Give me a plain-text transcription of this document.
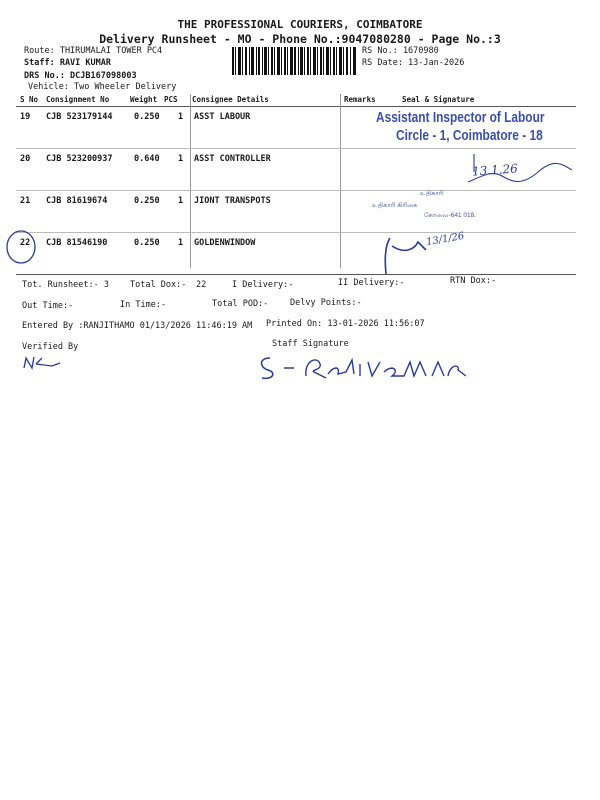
THE PROFESSIONAL COURIERS, COIMBATORE
Delivery Runsheet - MO - Phone No.:9047080280 - Page No.:3
Route: THIRUMALAI TOWER PC4
Staff: RAVI KUMAR
DRS No.: DCJB167098003
Vehicle: Two Wheeler Delivery
RS No.: 1670980
RS Date: 13-Jan-2026
S No Consignment No	Weight PCS Consignee Details	Remarks	Seal & Signature
19 CJB 523179144	0.250 1 ASST LABOUR
20 CJB 523200937	0.640 1 ASST CONTROLLER
21 CJB 81619674	0.250 1 JIONT TRANSPOTS
22 CJB 81546190	0.250 1 GOLDENWINDOW
Assistant Inspector of Labour
Circle - 1, Coimbatore - 18
உதிகாரி
உதிகாரி கிரிகை
கோவை-641 018.
13.1.26
13/1/26
Tot. Runsheet:- 3 Total Dox:- 22	I Delivery:-	II Delivery:-	RTN Dox:-
Out Time:-	In Time:-	Total POD:-	Delvy Points:-
Entered By :RANJITHAMO 01/13/2026 11:46:19 AM Printed On: 13-01-2026 11:56:07
Verified By	Staff Signature
